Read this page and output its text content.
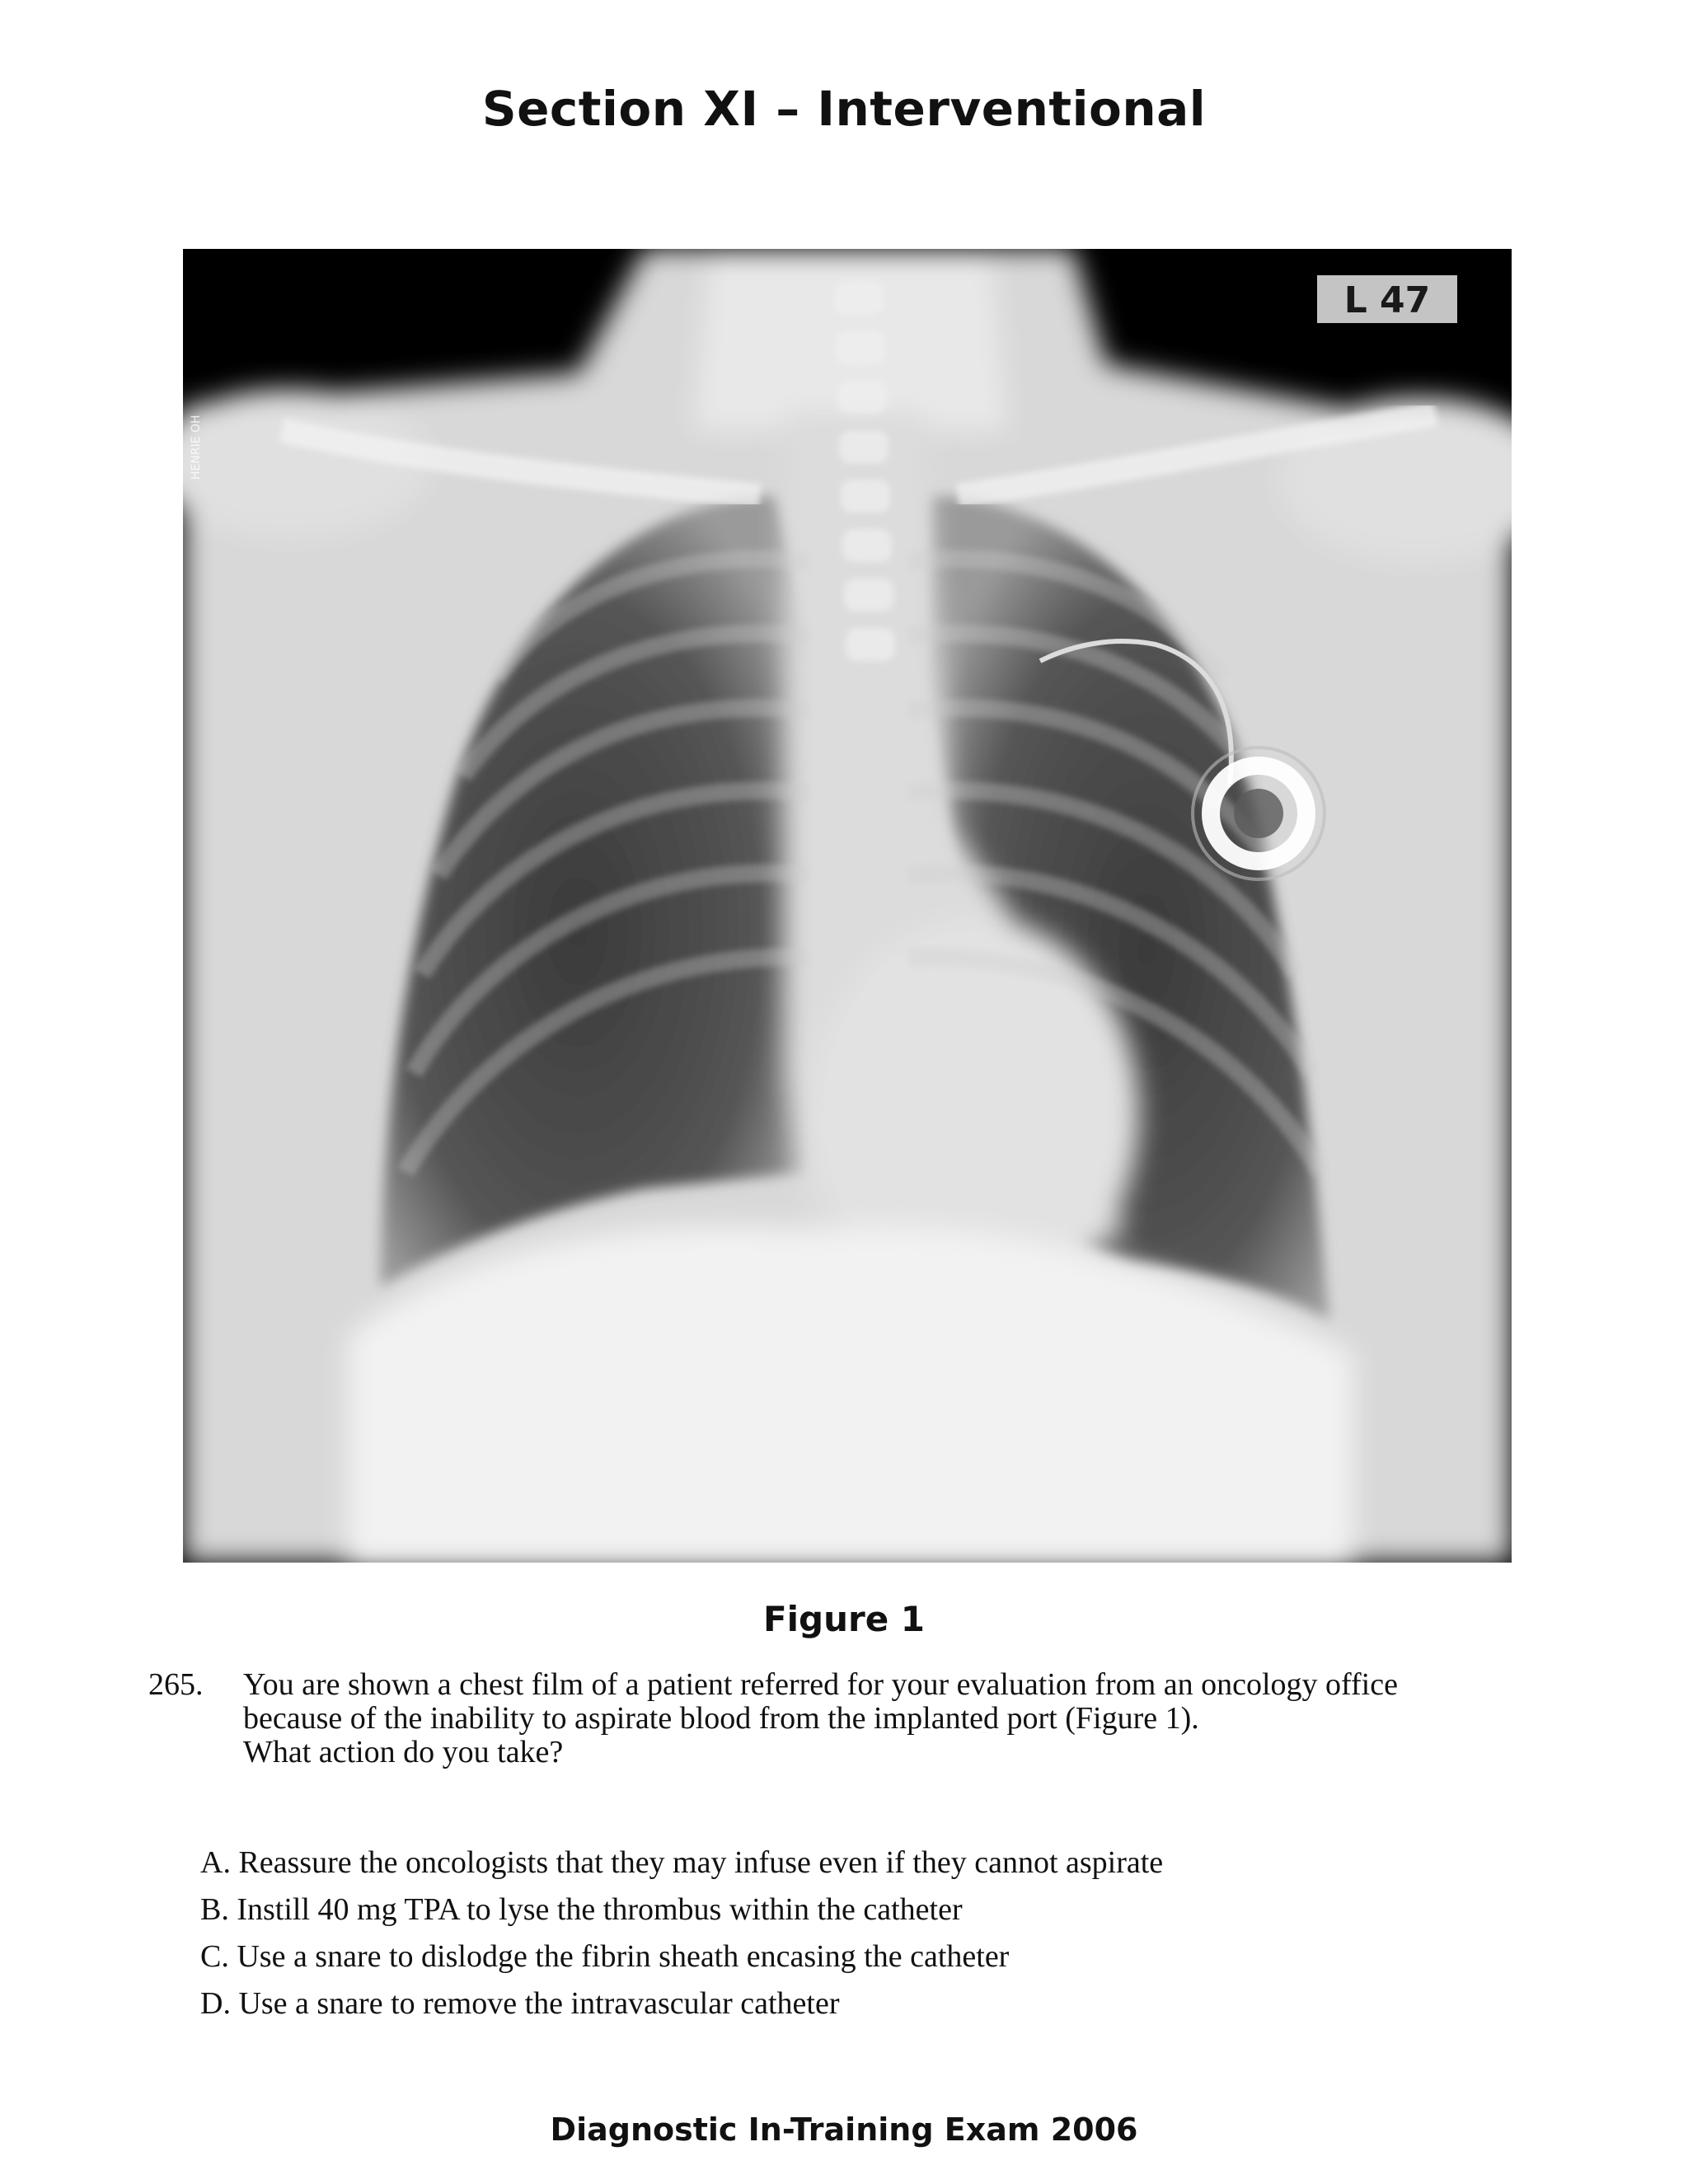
Section XI – Interventional
L 47
HENRIE OH
Figure 1
265. You are shown a chest film of a patient referred for your evaluation from an oncology office
because of the inability to aspirate blood from the implanted port (Figure 1).
What action do you take?
A. Reassure the oncologists that they may infuse even if they cannot aspirate
B. Instill 40 mg TPA to lyse the thrombus within the catheter
C. Use a snare to dislodge the fibrin sheath encasing the catheter
D. Use a snare to remove the intravascular catheter
Diagnostic In-Training Exam 2006
